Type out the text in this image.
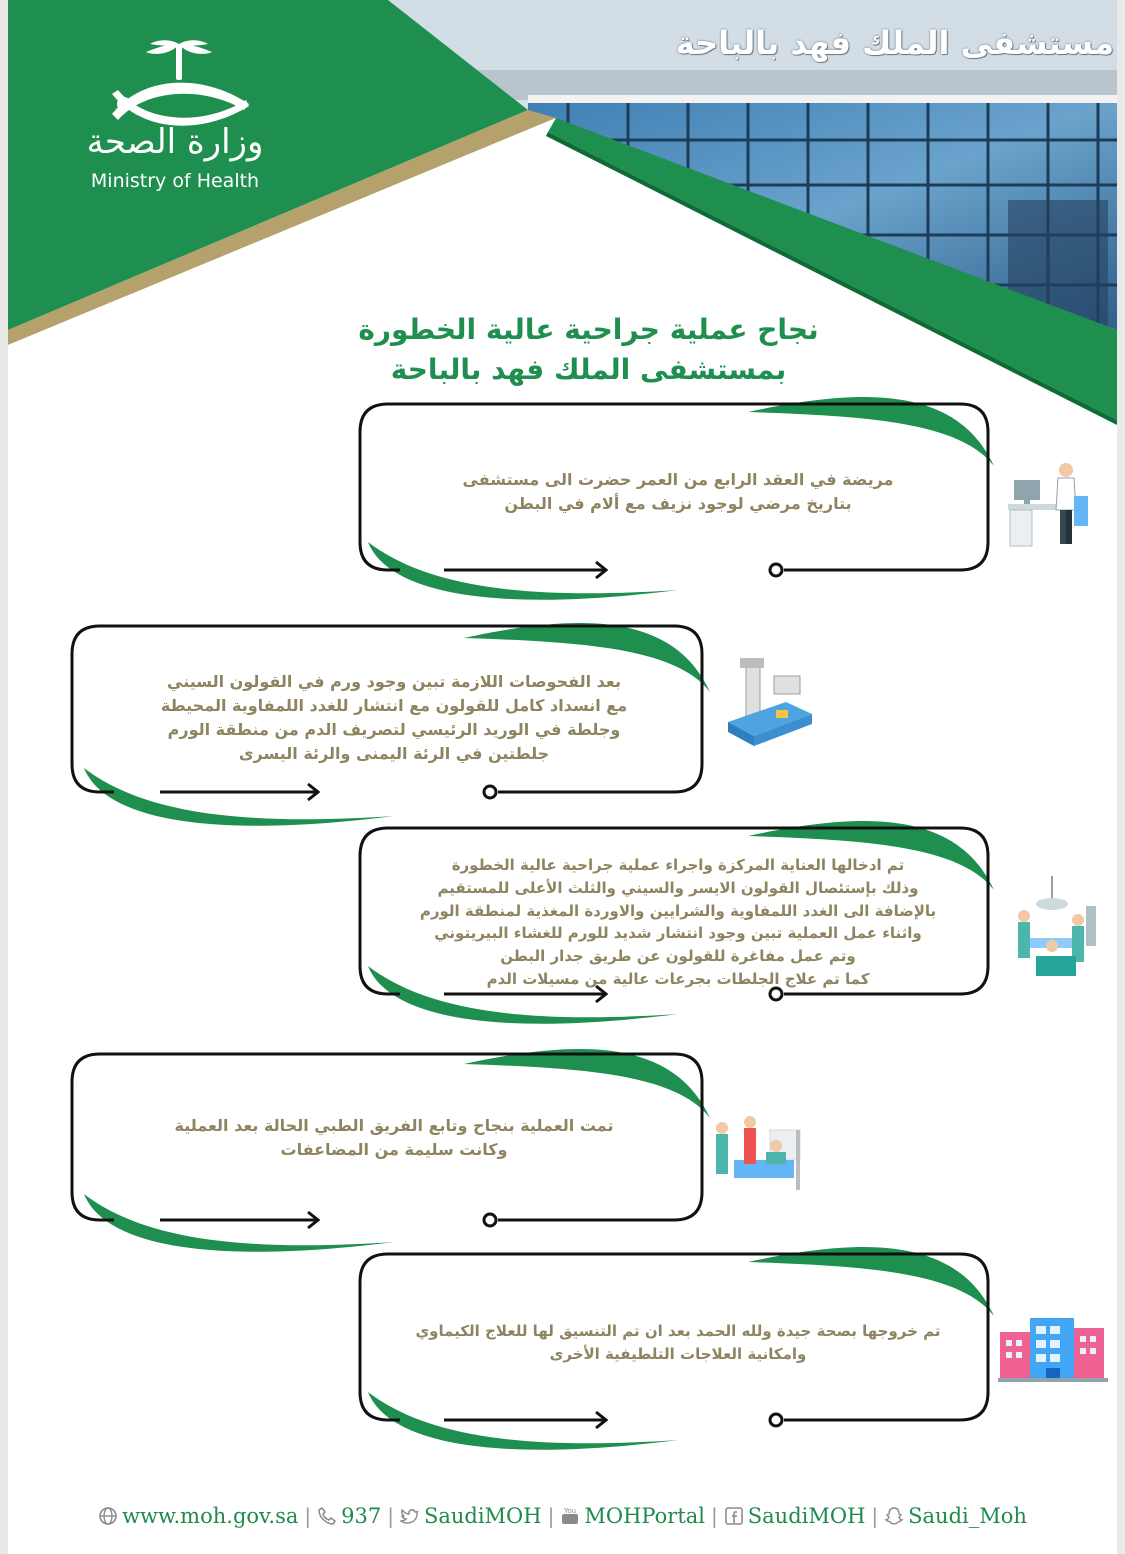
مستشفى الملك فهد بالباحة
وزارة الصحة
Ministry of Health
نجاح عملية جراحية عالية الخطورة
بمستشفى الملك فهد بالباحة

مريضة في العقد الرابع من العمر حضرت الى مستشفى

بتاريخ مرضي لوجود نزيف مع ألام في البطن

بعد الفحوصات اللازمة تبين وجود ورم في القولون السيني

مع انسداد كامل للقولون مع انتشار للغدد اللمفاوية المحيطة

وجلطة في الوريد الرئيسي لتصريف الدم من منطقة الورم

جلطتين في الرئة اليمنى والرئة اليسرى

تم ادخالها العناية المركزة واجراء عملية جراحية عالية الخطورة

وذلك بإستئصال القولون الايسر والسيني والثلث الأعلى للمستقيم

بالإضافة الى الغدد اللمفاوية والشرايين والاوردة المغذية لمنطقة الورم

واثناء عمل العملية تبين وجود انتشار شديد للورم للغشاء البيريتوني

وتم عمل مفاغرة للقولون عن طريق جدار البطن

كما تم علاج الجلطات بجرعات عالية من مسيلات الدم

تمت العملية بنجاح وتابع الفريق الطبي الحالة بعد العملية

وكانت سليمة من المضاعفات

تم خروجها بصحة جيدة ولله الحمد بعد ان تم التنسيق لها للعلاج الكيماوي

وامكانية العلاجات التلطيفية الأخرى

www.moh.gov.sa | 937 | SaudiMOH | You MOHPortal | SaudiMOH | Saudi_Moh
